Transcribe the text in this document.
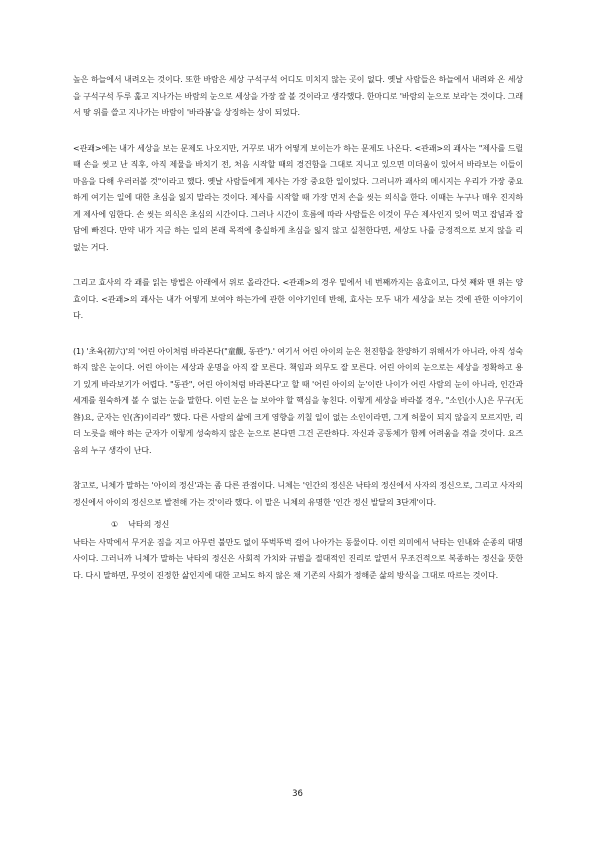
높은 하늘에서 내려오는 것이다. 또한 바람은 세상 구석구석 어디도 미치지 않는 곳이 없다. 옛날 사람들은 하늘에서 내려와 온 세상을 구석구석 두루 훑고 지나가는 바람의 눈으로 세상을 가장 잘 볼 것이라고 생각했다. 한마디로 '바람의 눈으로 보라'는 것이다. 그래서 땅 위를 쓸고 지나가는 바람이 '바라봄'을 상징하는 상이 되었다.

<관괘>에는 내가 세상을 보는 문제도 나오지만, 거꾸로 내가 어떻게 보이는가 하는 문제도 나온다. <관괘>의 괘사는 "제사를 드릴 때 손을 씻고 난 직후, 아직 제물을 바치기 전, 처음 시작할 때의 경건함을 그대로 지니고 있으면 미더움이 있어서 바라보는 이들이 마음을 다해 우러러볼 것"이라고 했다. 옛날 사람들에게 제사는 가장 중요한 일이었다. 그러니까 괘사의 메시지는 우리가 가장 중요하게 여기는 일에 대한 초심을 잃지 말라는 것이다. 제사를 시작할 때 가장 먼저 손을 씻는 의식을 한다. 이때는 누구나 매우 진지하게 제사에 임한다. 손 씻는 의식은 초심의 시간이다. 그러나 시간이 흐름에 따라 사람들은 이것이 무슨 제사인지 잊어 먹고 잡념과 잡담에 빠진다. 만약 내가 지금 하는 일의 본래 목적에 충실하게 초심을 잃지 않고 실천한다면, 세상도 나를 긍정적으로 보지 않을 리 없는 거다.

그리고 효사의 각 괘를 읽는 방법은 아래에서 위로 올라간다. <관괘>의 경우 밑에서 네 번째까지는 음효이고, 다섯 째와 맨 위는 양효이다. <관괘>의 괘사는 내가 어떻게 보여야 하는가에 관한 이야기인데 반해, 효사는 모두 내가 세상을 보는 것에 관한 이야기이다.

(1) '초육(初六)'의 '어린 아이처럼 바라본다("童觀, 동관").' 여기서 어린 아이의 눈은 천진함을 찬양하기 위해서가 아니라, 아직 성숙하지 않은 눈이다. 어린 아이는 세상과 운명을 아직 잘 모른다. 책임과 의무도 잘 모른다. 어린 아이의 눈으로는 세상을 정확하고 용기 있게 바라보기가 어렵다. "동관", 어린 아이처럼 바라본다'고 할 때 '어린 아이의 눈'이란 나이가 어린 사람의 눈이 아니라, 인간과 세계를 원숙하게 볼 수 없는 눈을 말한다. 이런 눈은 늘 보아야 할 핵심을 놓친다. 이렇게 세상을 바라볼 경우, "소인(小人)은 무구(无咎)요, 군자는 인(吝)이리라" 했다. 다른 사람의 삶에 크게 영향을 끼칠 일이 없는 소인이라면, 그게 허물이 되지 않을지 모르지만, 리더 노릇을 해야 하는 군자가 이렇게 성숙하지 않은 눈으로 본다면 그건 곤란하다. 자신과 공동체가 함께 어려움을 겪을 것이다. 요즈음의 누구 생각이 난다.

참고로, 니체가 말하는 '아이의 정신'과는 좀 다른 관점이다. 니체는 '인간의 정신은 낙타의 정신에서 사자의 정신으로, 그리고 사자의 정신에서 아이의 정신으로 발전해 가는 것'이라 했다. 이 말은 니체의 유명한 '인간 정신 발달의 3단계'이다.

① 낙타의 정신

낙타는 사막에서 무거운 짐을 지고 아무런 불만도 없이 뚜벅뚜벅 걸어 나아가는 동물이다. 이런 의미에서 낙타는 인내와 순종의 대명사이다. 그러니까 니체가 말하는 낙타의 정신은 사회적 가치와 규범을 절대적인 진리로 알면서 무조건적으로 복종하는 정신을 뜻한다. 다시 말하면, 무엇이 진정한 삶인지에 대한 고뇌도 하지 않은 채 기존의 사회가 정해준 삶의 방식을 그대로 따르는 것이다.

36
